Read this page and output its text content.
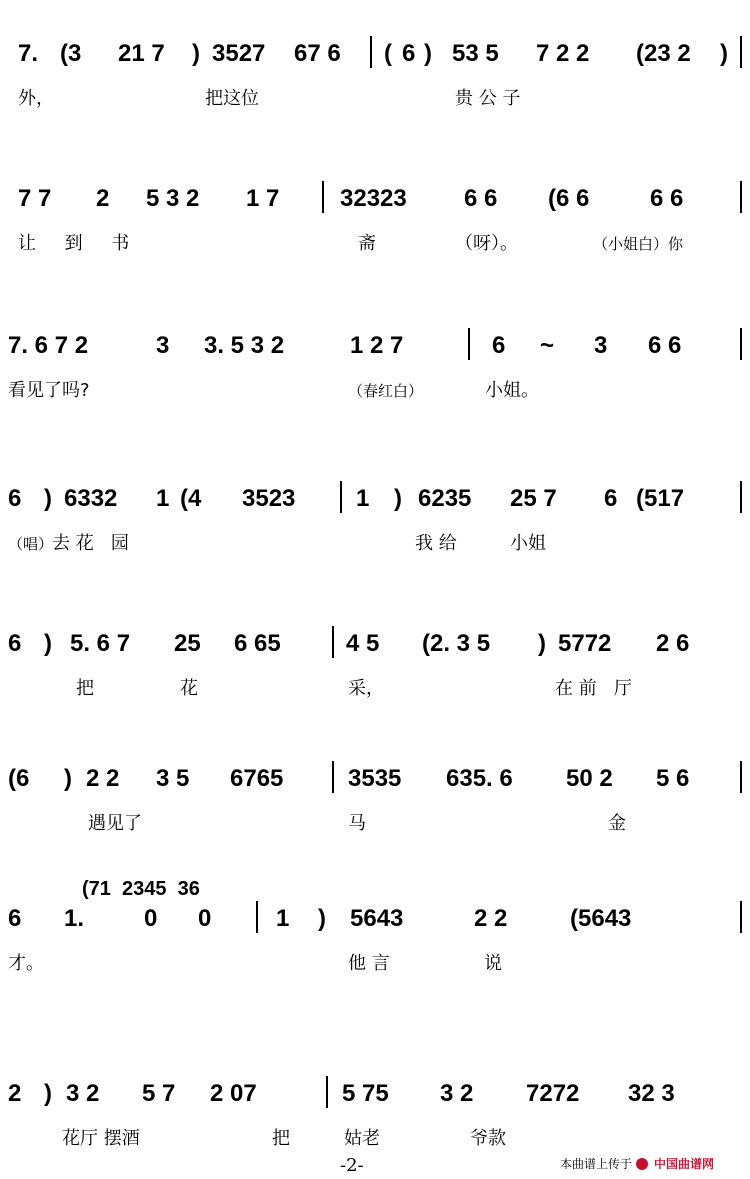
7. (3 21 7 ) 3527 67 6 ( 6 ) 53 5 7 2 2 (23 2 )
外，	把这位	贵 公 子
7 7 2 5 3 2 1 7	32323 6 6 (6 6	6 6
让     到     书	斋	（呀）。	（小姐白）你
7. 6 7 2	3 3. 5 3 2	1 2 7	6 ~ 3 6 6
看见了吗?	小姐。
（春红白）
6 ) 6332 1 (4 3523	1 ) 6235 25 7 6 (517
去 花   园	我 给	小姐
（唱）
6 ) 5. 6 7 25 6 65	4 5 (2. 3 5 ) 5772 2 6
把	花	采，	在 前   厅
(6 ) 2 2 3 5 6765	3535 635. 6 50 2 5 6
遇见了	马	金
(71  2345  36
6 1. 0 0	1 ) 5643	2 2	(5643
才。	他 言	说
2 ) 3 2 5 7 2 07	5 75 3 2 7272 32 3
花厅 摆酒	把	姑老	爷款
-2-	本曲谱上传于 中国曲谱网
